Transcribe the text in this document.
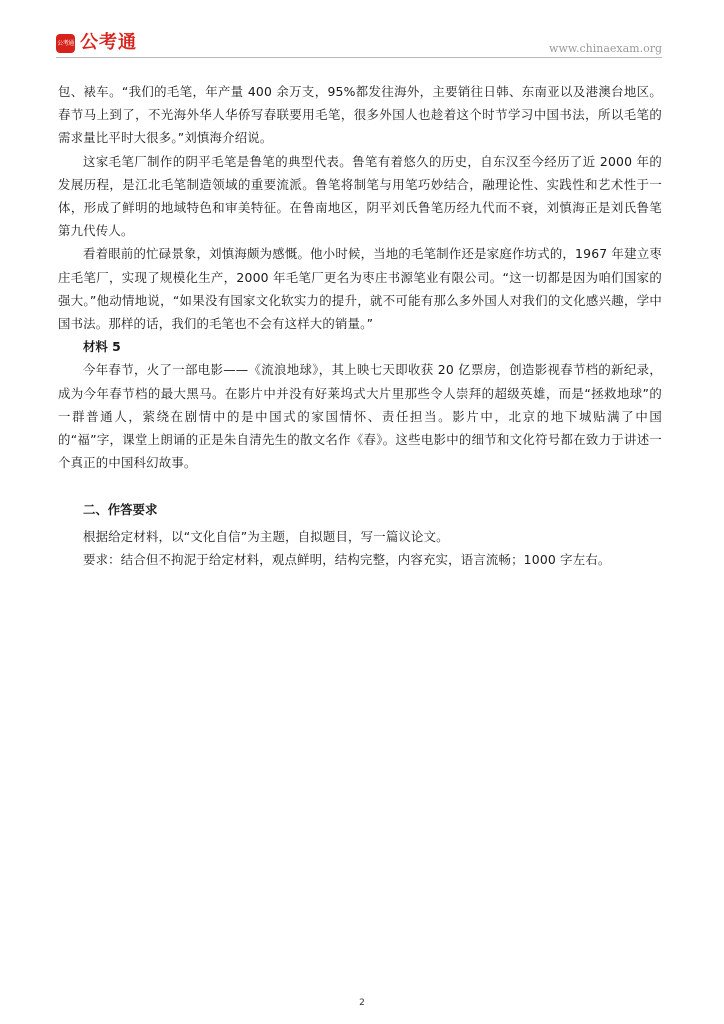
公考通 公考通	www.chinaexam.org

包、裱车。“我们的毛笔，年产量 400 余万支，95%都发往海外，主要销往日韩、东南亚以及港澳台地区。春节马上到了，不光海外华人华侨写春联要用毛笔，很多外国人也趁着这个时节学习中国书法，所以毛笔的需求量比平时大很多。”刘慎海介绍说。

这家毛笔厂制作的阴平毛笔是鲁笔的典型代表。鲁笔有着悠久的历史，自东汉至今经历了近 2000 年的发展历程，是江北毛笔制造领域的重要流派。鲁笔将制笔与用笔巧妙结合，融理论性、实践性和艺术性于一体，形成了鲜明的地域特色和审美特征。在鲁南地区，阴平刘氏鲁笔历经九代而不衰，刘慎海正是刘氏鲁笔第九代传人。

看着眼前的忙碌景象，刘慎海颇为感慨。他小时候，当地的毛笔制作还是家庭作坊式的，1967 年建立枣庄毛笔厂，实现了规模化生产，2000 年毛笔厂更名为枣庄书源笔业有限公司。“这一切都是因为咱们国家的强大。”他动情地说，“如果没有国家文化软实力的提升，就不可能有那么多外国人对我们的文化感兴趣，学中国书法。那样的话，我们的毛笔也不会有这样大的销量。”

材料 5

今年春节，火了一部电影——《流浪地球》，其上映七天即收获 20 亿票房，创造影视春节档的新纪录，成为今年春节档的最大黑马。在影片中并没有好莱坞式大片里那些令人崇拜的超级英雄，而是“拯救地球”的一群普通人，萦绕在剧情中的是中国式的家国情怀、责任担当。影片中，北京的地下城贴满了中国的“福”字，课堂上朗诵的正是朱自清先生的散文名作《春》。这些电影中的细节和文化符号都在致力于讲述一个真正的中国科幻故事。

二、作答要求

根据给定材料，以“文化自信”为主题，自拟题目，写一篇议论文。

要求：结合但不拘泥于给定材料，观点鲜明，结构完整，内容充实，语言流畅；1000 字左右。

2
